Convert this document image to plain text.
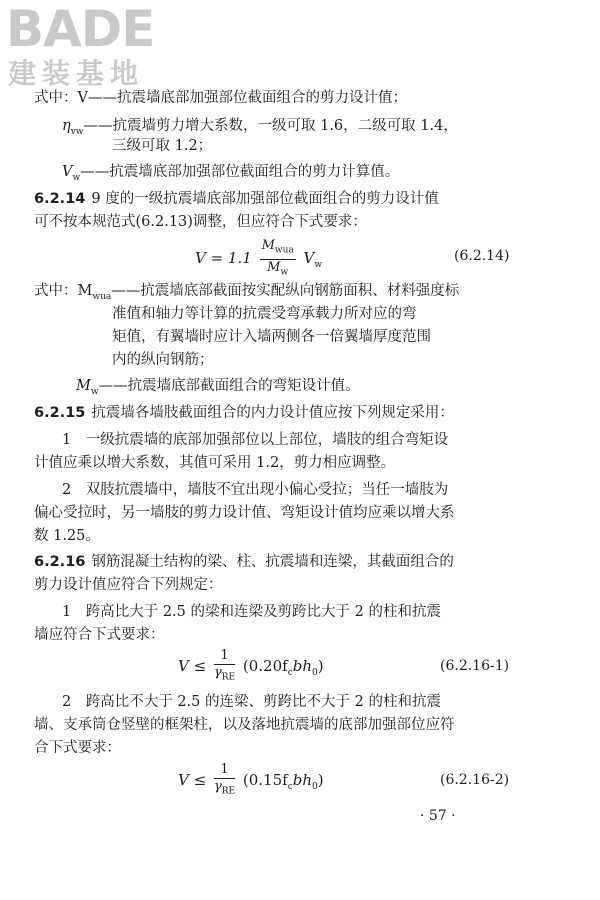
BADE
建装基地
式中：V——抗震墙底部加强部位截面组合的剪力设计值；
$\eta_{vw}——$抗震墙剪力增大系数，一级可取 1.6，二级可取 1.4，
三级可取 1.2；
$V_w——$抗震墙底部加强部位截面组合的剪力计算值。
6.2.14 9 度的一级抗震墙底部加强部位截面组合的剪力设计值
可不按本规范式(6.2.13)调整，但应符合下式要求：
$V = 1.1 \frac{M_{wua}}{M_w} V_w$
(6.2.14)
式中：$M_{wua}——$抗震墙底部截面按实配纵向钢筋面积、材料强度标
准值和轴力等计算的抗震受弯承载力所对应的弯
矩值，有翼墙时应计入墙两侧各一倍翼墙厚度范围
内的纵向钢筋；
$M_w——$抗震墙底部截面组合的弯矩设计值。
6.2.15 抗震墙各墙肢截面组合的内力设计值应按下列规定采用：
1　一级抗震墙的底部加强部位以上部位，墙肢的组合弯矩设
计值应乘以增大系数，其值可采用 1.2，剪力相应调整。
2　双肢抗震墙中，墙肢不宜出现小偏心受拉；当任一墙肢为
偏心受拉时，另一墙肢的剪力设计值、弯矩设计值均应乘以增大系
数 1.25。
6.2.16 钢筋混凝土结构的梁、柱、抗震墙和连梁，其截面组合的
剪力设计值应符合下列规定：
1　跨高比大于 2.5 的梁和连梁及剪跨比大于 2 的柱和抗震
墙应符合下式要求：
$V \le \frac{1}{\gamma_{RE}} (0.20f_cbh_0)$	(6.2.16-1)
2　跨高比不大于 2.5 的连梁、剪跨比不大于 2 的柱和抗震
墙、支承筒仓竖壁的框架柱，以及落地抗震墙的底部加强部位应符
合下式要求：
$V \le \frac{1}{\gamma_{RE}} (0.15f_cbh_0)$	(6.2.16-2)
· 57 ·
